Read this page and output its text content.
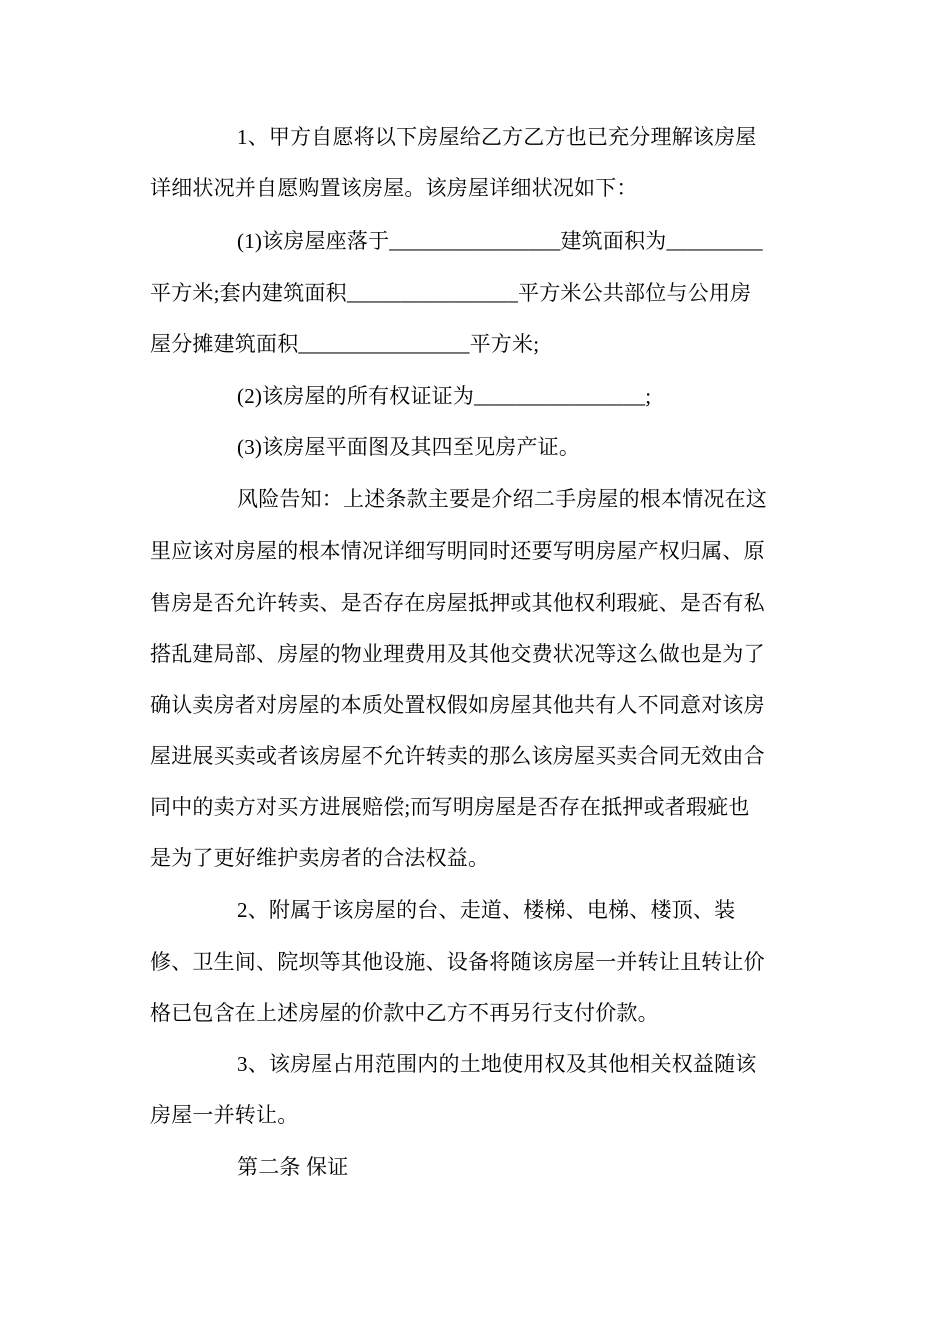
1、甲方自愿将以下房屋给乙方乙方也已充分理解该房屋
详细状况并自愿购置该房屋。该房屋详细状况如下：
(1)该房屋座落于________________建筑面积为_________
平方米;套内建筑面积________________平方米公共部位与公用房
屋分摊建筑面积________________平方米;
(2)该房屋的所有权证证为________________;
(3)该房屋平面图及其四至见房产证。
风险告知：上述条款主要是介绍二手房屋的根本情况在这
里应该对房屋的根本情况详细写明同时还要写明房屋产权归属、原
售房是否允许转卖、是否存在房屋抵押或其他权利瑕疵、是否有私
搭乱建局部、房屋的物业理费用及其他交费状况等这么做也是为了
确认卖房者对房屋的本质处置权假如房屋其他共有人不同意对该房
屋进展买卖或者该房屋不允许转卖的那么该房屋买卖合同无效由合
同中的卖方对买方进展赔偿;而写明房屋是否存在抵押或者瑕疵也
是为了更好维护卖房者的合法权益。
2、附属于该房屋的台、走道、楼梯、电梯、楼顶、装
修、卫生间、院坝等其他设施、设备将随该房屋一并转让且转让价
格已包含在上述房屋的价款中乙方不再另行支付价款。
3、该房屋占用范围内的土地使用权及其他相关权益随该
房屋一并转让。
第二条 保证
